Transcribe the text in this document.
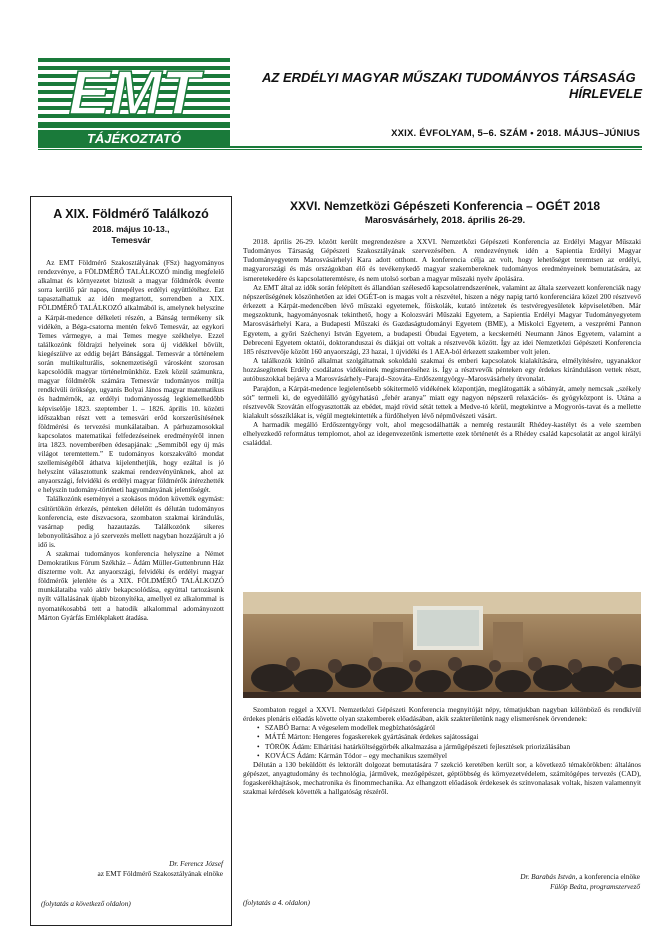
EMT
TÁJÉKOZTATÓ
AZ ERDÉLYI MAGYAR MŰSZAKI TUDOMÁNYOS TÁRSASÁG
HÍRLEVELE
XXIX. ÉVFOLYAM, 5–6. SZÁM • 2018. MÁJUS–JÚNIUS
A XIX. Földmérő Találkozó
2018. május 10-13.,
Temesvár

Az EMT Földmérő Szakosztályának (FSz) hagyományos rendezvénye, a FÖLDMÉRŐ TALÁLKOZÓ mindig megfelelő alkalmat és környezetet biztosít a magyar földmérők évente sorra kerülő pár napos, ünnepélyes erdélyi együttlétéhez. Ezt tapasztalhattuk az idén megtartott, sorrendben a XIX. FÖLDMÉRŐ TALÁLKOZÓ alkalmából is, amelynek helyszíne a Kárpát-medence délkeleti részén, a Bánság termékeny sík vidékén, a Béga-csatorna mentén fekvő Temesvár, az egykori Temes vármegye, a mai Temes megye székhelye. Ezzel találkozónk földrajzi helyeinek sora új vidékkel bővült, kiegészülve az eddig bejárt Bánsággal. Temesvár a történelem során multikulturális, soknemzetiségű városként szorosan kapcsolódik magyar történelmünkhöz. Ezek közül számunkra, magyar földmérők számára Temesvár tudományos múltja rendkívüli öröksége, ugyanis Bolyai János magyar matematikus és hadmérnök, az erdélyi tudományosság legkiemelkedőbb képviselője 1823. szeptember 1. – 1826. április 10. közötti időszakban részt vett a temesvári erőd korszerűsítésének földmérési és tervezési munkálataiban. A párhuzamosokkal kapcsolatos matematikai felfedezéseinek eredményéről innen írta 1823. novemberében édesapjának: „Semmiből egy új más világot teremtettem.” E tudományos korszakváltó mondat szellemiségéből áthatva kijelenthetjük, hogy ezáltal is jó helyszínt választottunk szakmai rendezvényünknek, ahol az anyaországi, felvidéki és erdélyi magyar földmérők átérezhették e helyszín tudomány-történeti hagyományának jelentőségét.

Találkozónk eseményei a szokásos módon követték egymást: csütörtökön érkezés, pénteken délelőtt és délután tudományos konferencia, este díszvacsora, szombaton szakmai kirándulás, vasárnap pedig hazautazás. Találkozónk sikeres lebonyolításához a jó szervezés mellett nagyban hozzájárult a jó idő is.

A szakmai tudományos konferencia helyszíne a Német Demokratikus Fórum Székház – Ádám Müller-Guttenbrunn Ház díszterme volt. Az anyaországi, felvidéki és erdélyi magyar földmérők jelenléte és a XIX. FÖLDMÉRŐ TALÁLKOZÓ munkálataiba való aktív bekapcsolódása, egyúttal tartozásunk nyílt vállalásának újabb bizonyítéka, amellyel ez alkalommal is nyomatékosabbá tett a hatodik alkalommal adományozott Márton Gyárfás Emlékplakett átadása.

Dr. Ferencz József
az EMT Földmérő Szakosztályának elnöke
(folytatás a következő oldalon)
XXVI. Nemzetközi Gépészeti Konferencia – OGÉT 2018
Marosvásárhely, 2018. április 26-29.

2018. április 26-29. között került megrendezésre a XXVI. Nemzetközi Gépészeti Konferencia az Erdélyi Magyar Műszaki Tudományos Társaság Gépészeti Szakosztályának szervezésében. A rendezvénynek idén a Sapientia Erdélyi Magyar Tudományegyetem Marosvásárhelyi Kara adott otthont. A konferencia célja az volt, hogy lehetőséget teremtsen az erdélyi, magyarországi és más országokban élő és tevékenykedő magyar szakembereknek tudományos eredményeinek bemutatására, az ismeretekedére és kapcsolatteremtésre, és nem utolsó sorban a magyar műszaki nyelv ápolására.

Az EMT által az idők során felépített és állandóan szélesedő kapcsolatrendszerének, valamint az általa szervezett konferenciák nagy népszerűségének köszönhetően az idei OGÉT-on is magas volt a részvétel, hiszen a négy napig tartó konferenciára közel 200 résztvevő érkezett a Kárpát-medencében lévő műszaki egyetemek, főiskolák, kutató intézetek és testvéregyesületek képviseletében. Már megszoktunk, hagyományosnak tekinthető, hogy a Kolozsvári Műszaki Egyetem, a Sapientia Erdélyi Magyar Tudományegyetem Marosvásárhelyi Kara, a Budapesti Műszaki és Gazdaságtudományi Egyetem (BME), a Miskolci Egyetem, a veszprémi Pannon Egyetem, a győri Széchenyi István Egyetem, a budapesti Óbudai Egyetem, a kecskeméti Neumann János Egyetem, valamint a Debreceni Egyetem oktatói, doktoranduszai és diákjai ott voltak a résztvevők között. Így az idei Nemzetközi Gépészeti Konferencia 185 résztvevője között 160 anyaországi, 23 hazai, 1 újvidéki és 1 AEA-ból érkezett szakember volt jelen.

A találkozók kitűnő alkalmat szolgáltatnak sokoldalú szakmai és emberi kapcsolatok kialakítására, elmélyítésére, ugyanakkor hozzásegítenek Erdély csodálatos vidékeinek megismeréséhez is. Így a résztvevők pénteken egy érdekes kiránduláson vettek részt, autóbuszokkal bejárva a Marosvásárhely–Parajd–Szováta–Erdőszentgyörgy–Marosvásárhely útvonalat.

Parajdon, a Kárpát-medence legjelentősebb sókitermelő vidékének központján, meglátogatták a sóbányát, amely nemcsak „székely sót” termeli ki, de egyedülálló gyógyhatású „fehér aranya” miatt egy nagyon népszerű relaxációs- és gyógyközpont is. Utána a résztvevők Szovátán elfogyasztották az ebédet, majd rövid sétát tettek a Medve-tó körül, megtekintve a Mogyorós-tavat és a mellette kialakult sósszíklákat is, végül megtekintették a fürdőhelyen lévő népművészeti vásárt.

A harmadik megálló Erdőszentgyörgy volt, ahol megcsodálhatták a nemrég restaurált Rhédey-kastélyt és a vele szemben elhelyezkedő református templomot, ahol az idegenvezetőnk ismertette ezek történetét és a Rhédey család kapcsolatát az angol királyi családdal.

Szombaton reggel a XXVI. Nemzetközi Gépészeti Konferencia megnyitóját népy, tématjukban nagyban különböző és rendkívül érdekes plenáris előadás követte olyan szakemberek előadásában, akik szakterületünk nagy elismerésnek örvendenek:

• SZABÓ Barna: A végeselem modellek megbízhatóságáról
• MÁTÉ Márton: Hengeres fogaskerekek gyártásának érdekes sajátosságai
• TÖRÖK Ádám: Elháritási határköltséggörbék alkalmazása a járműgépészeti fejlesztések priorizálásában
• KOVÁCS Ádám: Kármán Tódor – egy mechanikus személyel

Délután a 130 beküldött és lektorált dolgozat bemutatására 7 szekció keretében került sor, a következő témakörökben: általános gépészet, anyagtudomány és technológia, járművek, mezőgépészet, géptöbbség és környezetvédelem, számítógépes tervezés (CAD), fogaskerékhajtások, mechatronika és finommechanika. Az elhangzott előadások érdekesek és színvonalasak voltak, hiszen valamennyit szakmai kérdések követték a hallgatóság részéről.

Dr. Barabás István, a konferencia elnöke
Fülöp Beáta, programszervező
(folytatás a 4. oldalon)
